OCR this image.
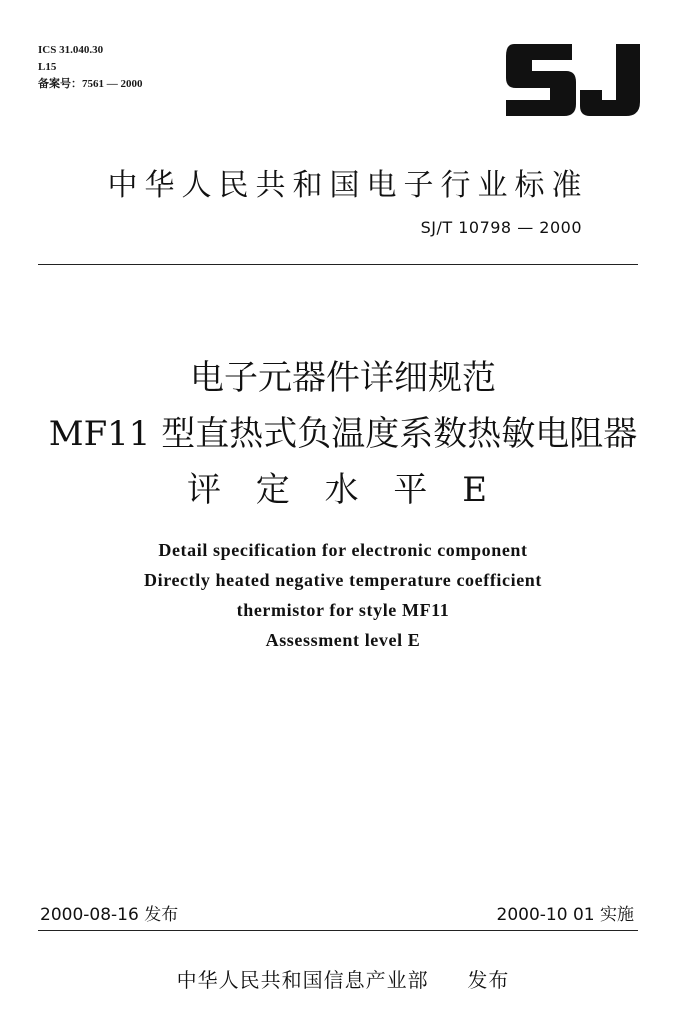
ICS 31.040.30
L15
备案号：7561 — 2000
中华人民共和国电子行业标准
SJ/T 10798 — 2000
电子元器件详细规范
MF11 型直热式负温度系数热敏电阻器
评 定 水 平 E
Detail specification for electronic component
Directly heated negative temperature coefficient
thermistor for style MF11
Assessment level E
2000-08-16 发布	2000-10 01 实施
中华人民共和国信息产业部 发布
